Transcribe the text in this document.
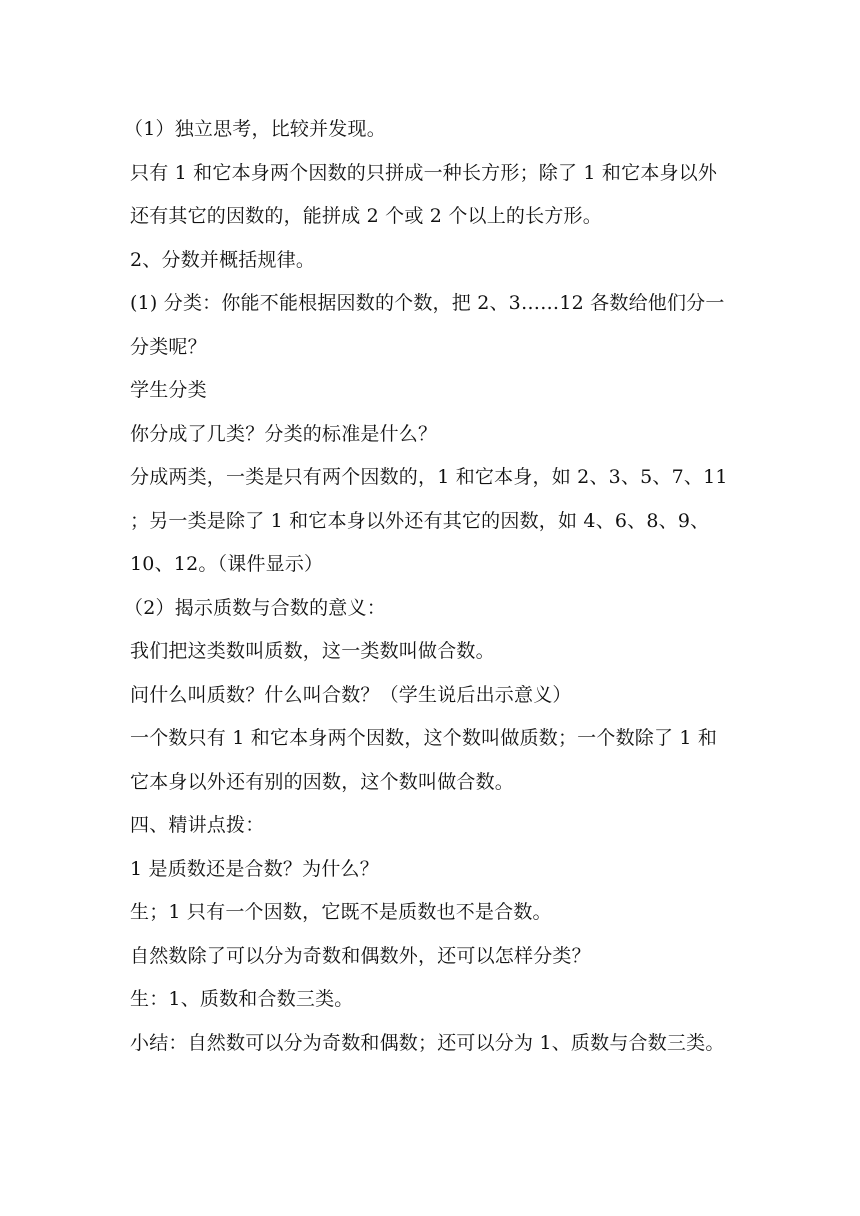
（1）独立思考，比较并发现。
只有 1 和它本身两个因数的只拼成一种长方形；除了 1 和它本身以外
还有其它的因数的，能拼成 2 个或 2 个以上的长方形。
2、分数并概括规律。
(1) 分类：你能不能根据因数的个数，把 2、3……12 各数给他们分一
分类呢？
学生分类
你分成了几类？分类的标准是什么？
分成两类，一类是只有两个因数的，1 和它本身，如 2、3、5、7、11
；另一类是除了 1 和它本身以外还有其它的因数，如 4、6、8、9、
10、12。（课件显示）
（2）揭示质数与合数的意义：
我们把这类数叫质数，这一类数叫做合数。
问什么叫质数？什么叫合数？（学生说后出示意义）
一个数只有 1 和它本身两个因数，这个数叫做质数；一个数除了 1 和
它本身以外还有别的因数，这个数叫做合数。
四、精讲点拨：
1 是质数还是合数？为什么？
生；1 只有一个因数，它既不是质数也不是合数。
自然数除了可以分为奇数和偶数外，还可以怎样分类？
生：1、质数和合数三类。
小结：自然数可以分为奇数和偶数；还可以分为 1、质数与合数三类。
